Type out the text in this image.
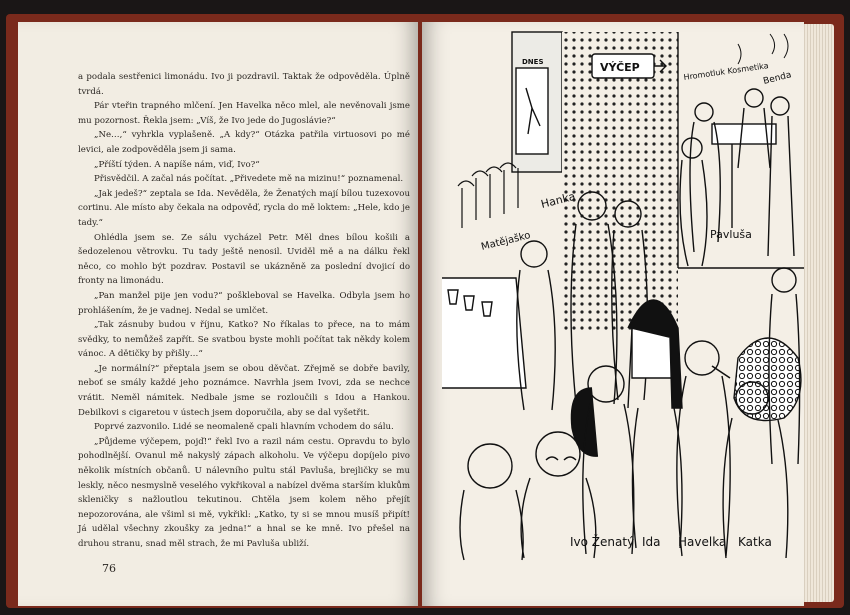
a podala sestřenici limonádu. Ivo ji pozdravil. Taktak že odpověděla. Úplně tvrdá.

Pár vteřin trapného mlčení. Jen Havelka něco mlel, ale nevěnovali jsme mu pozornost. Řekla jsem: „Víš, že Ivo jede do Jugoslávie?“

„Ne…,“ vyhrkla vyplašeně. „A kdy?“ Otázka patřila virtuosovi po mé levici, ale zodpověděla jsem ji sama.

„Příští týden. A napíše nám, viď, Ivo?“

Přisvědčil. A začal nás počítat. „Přivedete mě na mizinu!“ poznamenal.

„Jak jedeš?“ zeptala se Ida. Nevěděla, že Ženatých mají bílou tuzexovou cortinu. Ale místo aby čekala na odpověď, rycla do mě loktem: „Hele, kdo je tady.“

Ohlédla jsem se. Ze sálu vycházel Petr. Měl dnes bílou košili a šedozelenou větrovku. Tu tady ještě nenosil. Uviděl mě a na dálku řekl něco, co mohlo být pozdrav. Postavil se ukázněně za poslední dvojicí do fronty na limonádu.

„Pan manžel pije jen vodu?“ poškleboval se Havelka. Odbyla jsem ho prohlášením, že je vadnej. Nedal se umlčet.

„Tak zásnuby budou v říjnu, Katko? No říkalas to přece, na to mám svědky, to nemůžeš zapřít. Se svatbou byste mohli počítat tak někdy kolem vánoc. A dětičky by přišly…“

„Je normální?“ přeptala jsem se obou děvčat. Zřejmě se dobře bavily, neboť se smály každé jeho poznámce. Navrhla jsem Ivovi, zda se nechce vrátit. Neměl námitek. Nedbale jsme se rozloučili s Idou a Hankou. Debilkovi s cigaretou v ústech jsem doporučila, aby se dal vyšetřit.

Poprvé zazvonilo. Lidé se neomaleně cpali hlavním vchodem do sálu.

„Půjdeme výčepem, pojď!“ řekl Ivo a razil nám cestu. Opravdu to bylo pohodlnější. Ovanul mě nakyslý zápach alkoholu. Ve výčepu dopíjelo pivo několik místních občanů. U nálevního pultu stál Pavluša, brejličky se mu leskly, něco nesmyslně veselého vykřikoval a nabízel dvěma starším klukům skleničky s nažloutlou tekutinou. Chtěla jsem kolem něho přejít nepozorována, ale všiml si mě, vykřikl: „Katko, ty si se mnou musíš připít! Já udělal všechny zkoušky za jedna!“ a hnal se ke mně. Ivo přešel na druhou stranu, snad měl strach, že mi Pavluša ubliží.

76
DNES	VÝČEP	Hromotluk Kosmetika
Benda
Hanka
Matějaško	Pavluša
Ivo Ženatý Ida Havelka Katka
